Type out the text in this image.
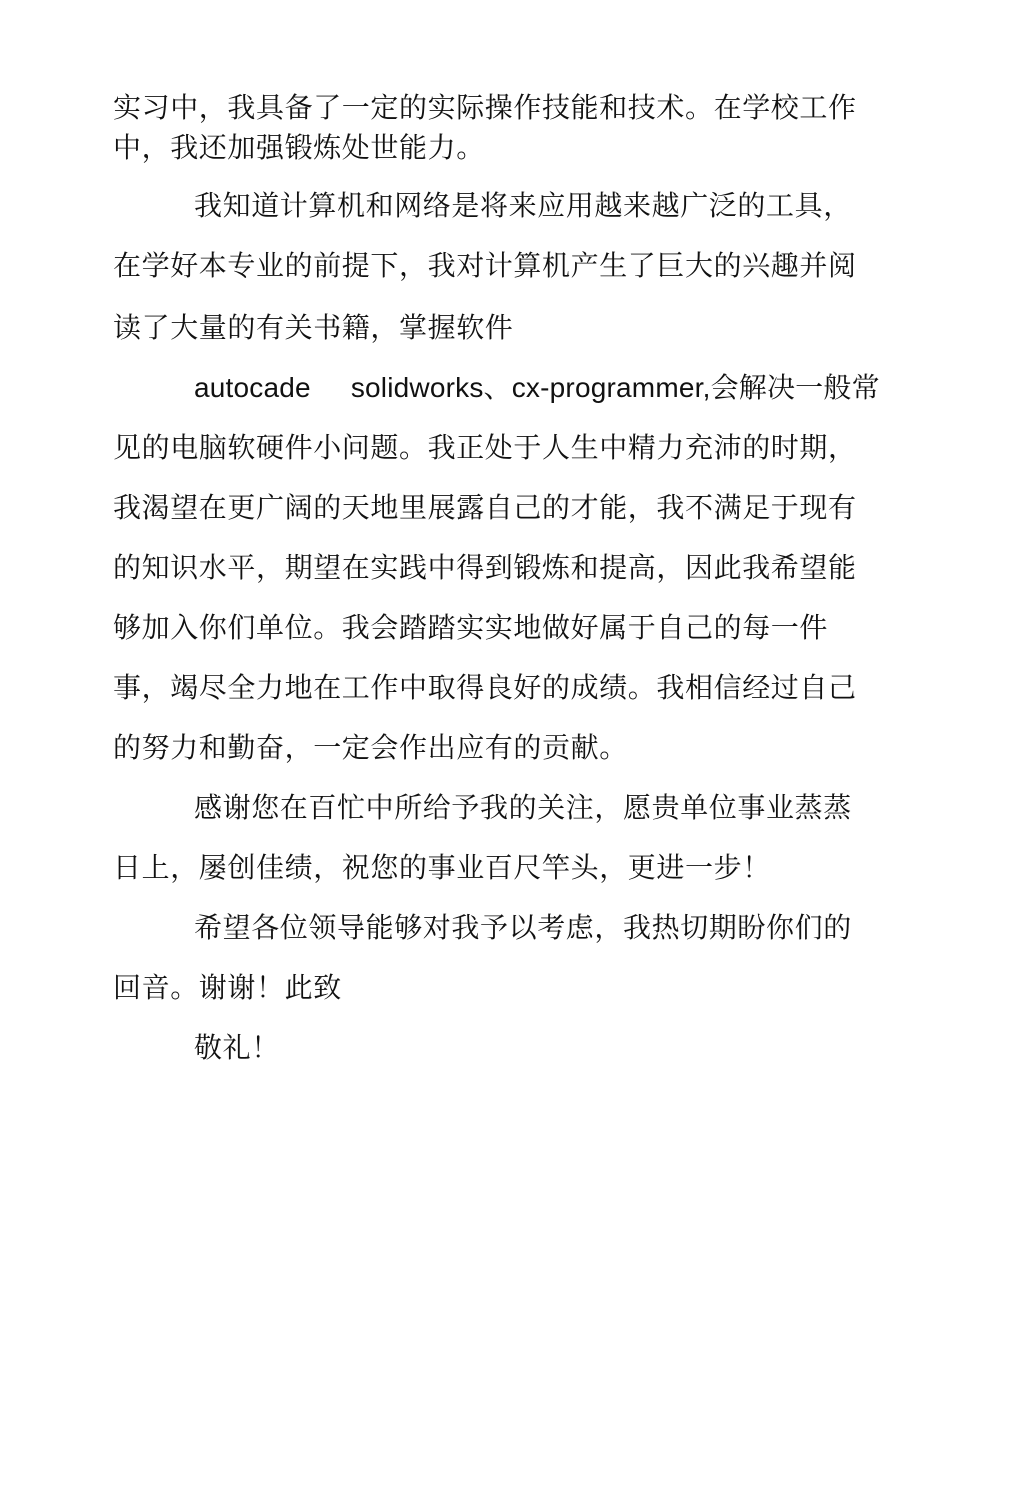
实习中，我具备了一定的实际操作技能和技术。在学校工作
中，我还加强锻炼处世能力。
我知道计算机和网络是将来应用越来越广泛的工具，
在学好本专业的前提下，我对计算机产生了巨大的兴趣并阅
读了大量的有关书籍，掌握软件
autocade solidworks、cx-programmer,会解决一般常
见的电脑软硬件小问题。我正处于人生中精力充沛的时期，
我渴望在更广阔的天地里展露自己的才能，我不满足于现有
的知识水平，期望在实践中得到锻炼和提高，因此我希望能
够加入你们单位。我会踏踏实实地做好属于自己的每一件
事，竭尽全力地在工作中取得良好的成绩。我相信经过自己
的努力和勤奋，一定会作出应有的贡献。
感谢您在百忙中所给予我的关注，愿贵单位事业蒸蒸
日上，屡创佳绩，祝您的事业百尺竿头，更进一步！
希望各位领导能够对我予以考虑，我热切期盼你们的
回音。谢谢！此致
敬礼！
